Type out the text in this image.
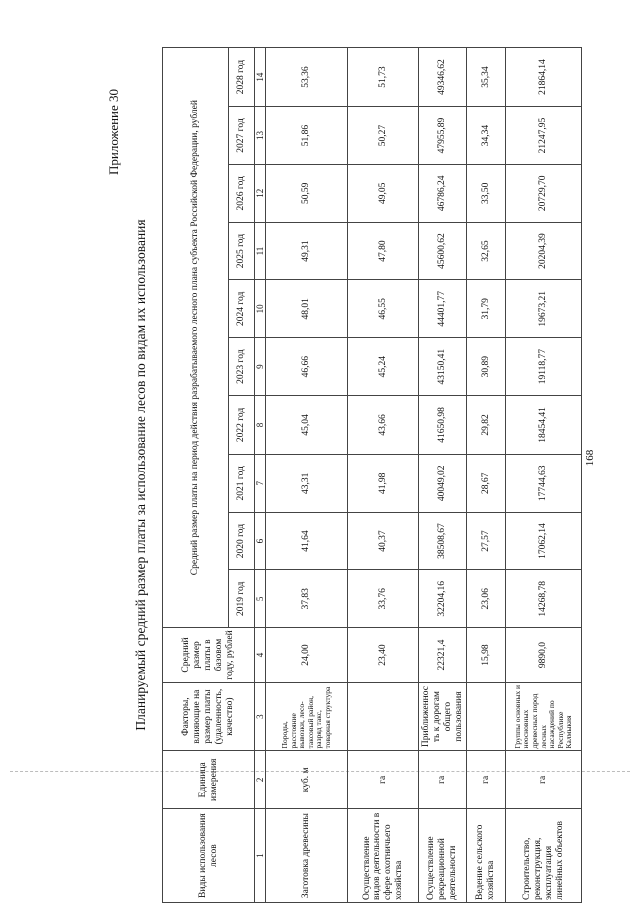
Приложение 30
Планируемый средний размер платы за использование лесов по видам их использования
Виды использования лесов	Единица измерения	Факторы, влияющие на размер платы (удаленность, качество)	Средний размер платы в базовом году, рублей	Средний размер платы на период действия разрабатываемого лесного плана субъекта Российской Федерации, рублей									
				2019 год	2020 год	2021 год	2022 год	2023 год	2024 год	2025 год	2026 год	2027 год	2028 год
1	2	3	4	5	6	7	8	9	10	11	12	13	14
Заготовка древесины	куб. м	Породы, расстояние вывозки, лесо-таксовый район, разряд такс, товарная структура	24,00	37,83	41,64	43,31	45,04	46,66	48,01	49,31	50,59	51,86	53,36
Осуществление видов деятельности в сфере охотничьего хозяйства	га		23,40	33,76	40,37	41,98	43,66	45,24	46,55	47,80	49,05	50,27	51,73
Осуществление рекреационной деятельности	га	Приближенность к дорогам общего пользования	22321,4	32204,16	38508,67	40049,02	41650,98	43150,41	44401,77	45600,62	46786,24	47955,89	49346,62
Ведение сельского хозяйства	га		15,98	23,06	27,57	28,67	29,82	30,89	31,79	32,65	33,50	34,34	35,34
Строительство, реконструкция, эксплуатация линейных объектов	га	Группы основных и неосновных древесных пород лесных насаждений по Республике Калмыкия	9890,0	14268,78	17062,14	17744,63	18454,41	19118,77	19673,21	20204,39	20729,70	21247,95	21864,14
168
